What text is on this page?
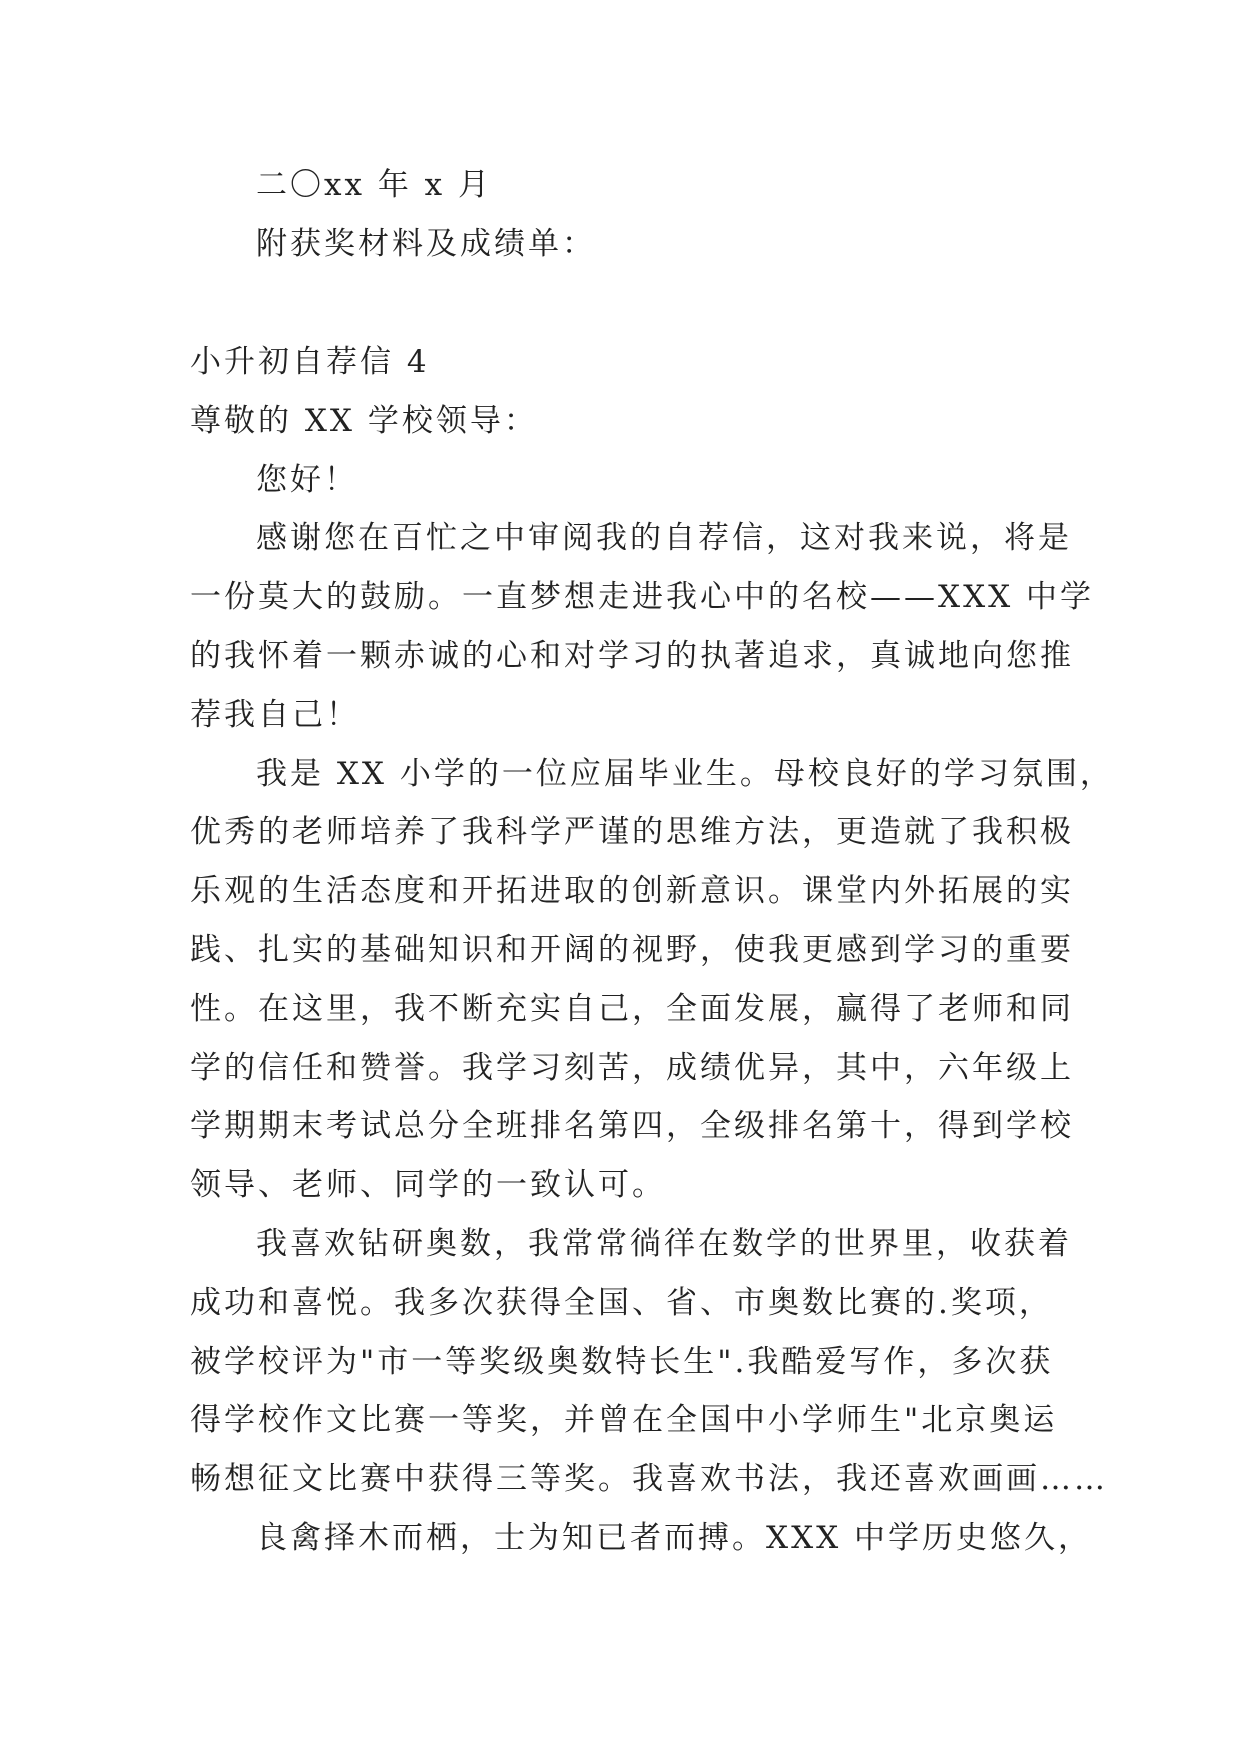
二〇xx 年 x 月
附获奖材料及成绩单：
小升初自荐信 4
尊敬的 XX 学校领导：
您好！
感谢您在百忙之中审阅我的自荐信，这对我来说，将是
一份莫大的鼓励。一直梦想走进我心中的名校——XXX 中学
的我怀着一颗赤诚的心和对学习的执著追求，真诚地向您推
荐我自己！
我是 XX 小学的一位应届毕业生。母校良好的学习氛围，
优秀的老师培养了我科学严谨的思维方法，更造就了我积极
乐观的生活态度和开拓进取的创新意识。课堂内外拓展的实
践、扎实的基础知识和开阔的视野，使我更感到学习的重要
性。在这里，我不断充实自己，全面发展，赢得了老师和同
学的信任和赞誉。我学习刻苦，成绩优异，其中，六年级上
学期期末考试总分全班排名第四，全级排名第十，得到学校
领导、老师、同学的一致认可。
我喜欢钻研奥数，我常常徜徉在数学的世界里，收获着
成功和喜悦。我多次获得全国、省、市奥数比赛的.奖项，
被学校评为"市一等奖级奥数特长生".我酷爱写作，多次获
得学校作文比赛一等奖，并曾在全国中小学师生"北京奥运
畅想征文比赛中获得三等奖。我喜欢书法，我还喜欢画画……
良禽择木而栖，士为知已者而搏。XXX 中学历史悠久，
